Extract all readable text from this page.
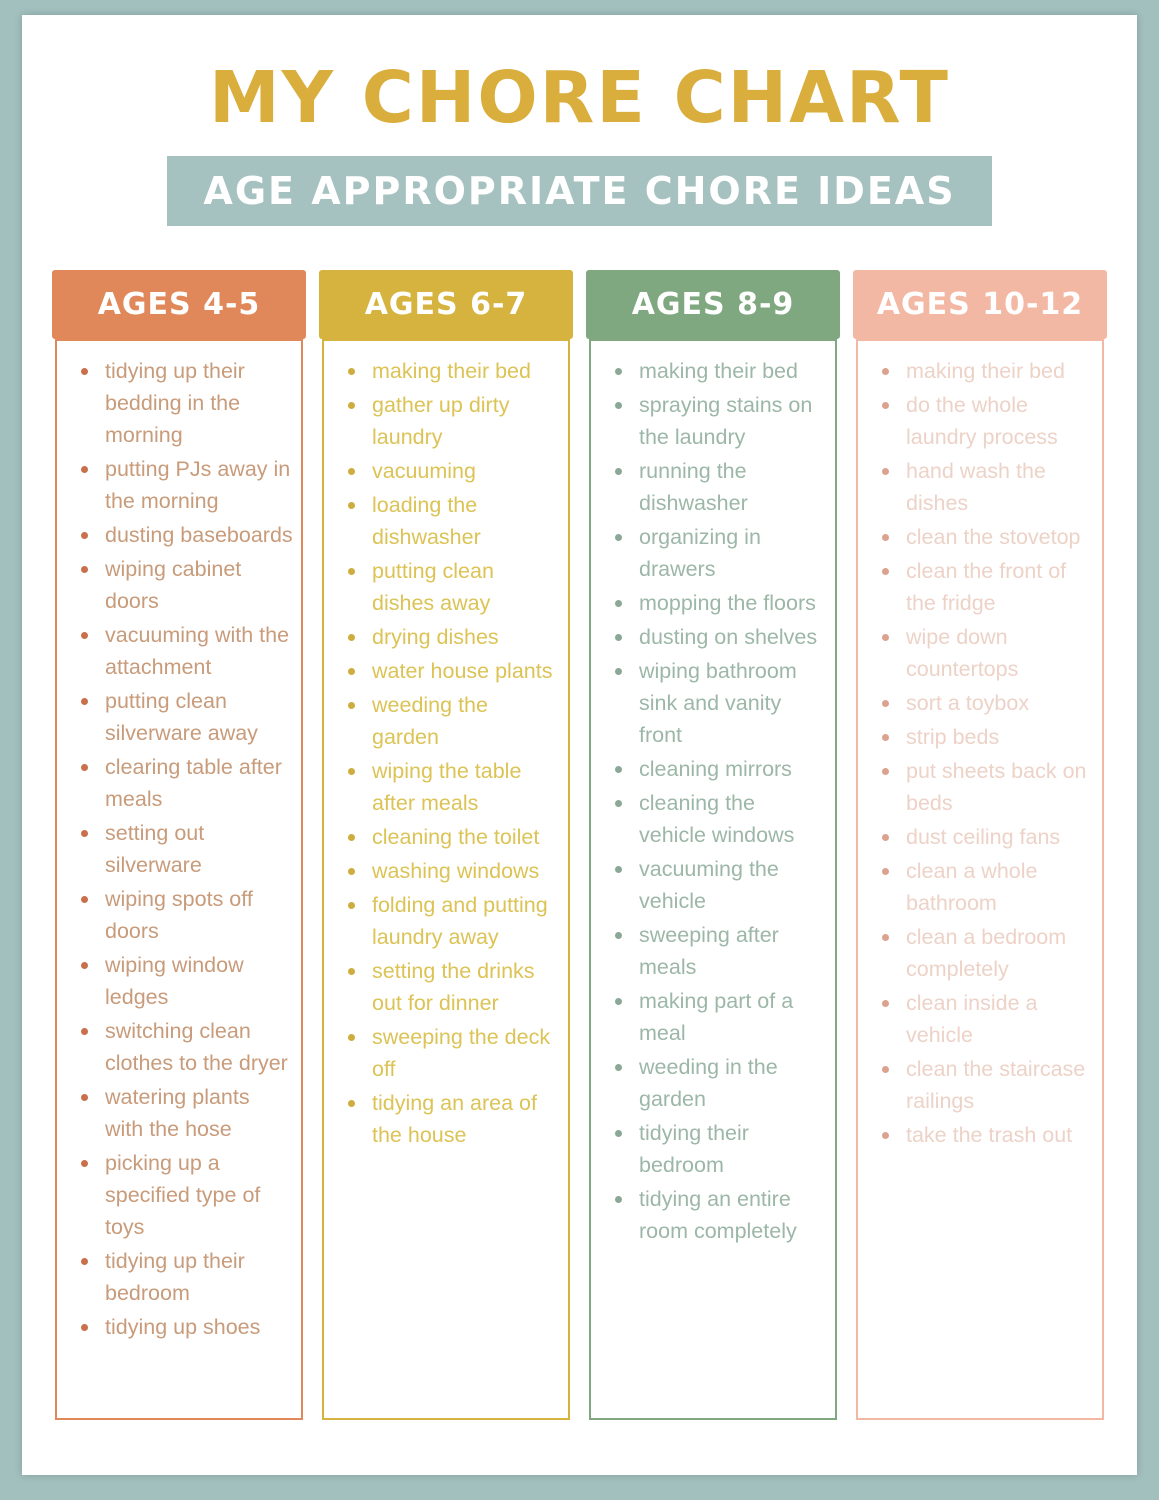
MY CHORE CHART
AGE APPROPRIATE CHORE IDEAS
AGES 4-5
tidying up their bedding in the morning
putting PJs away in the morning
dusting baseboards
wiping cabinet doors
vacuuming with the attachment
putting clean silverware away
clearing table after meals
setting out silverware
wiping spots off doors
wiping window ledges
switching clean clothes to the dryer
watering plants with the hose
picking up a specified type of toys
tidying up their bedroom
tidying up shoes
AGES 6-7
making their bed
gather up dirty laundry
vacuuming
loading the dishwasher
putting clean dishes away
drying dishes
water house plants
weeding the garden
wiping the table after meals
cleaning the toilet
washing windows
folding and putting laundry away
setting the drinks out for dinner
sweeping the deck off
tidying an area of the house
AGES 8-9
making their bed
spraying stains on the laundry
running the dishwasher
organizing in drawers
mopping the floors
dusting on shelves
wiping bathroom sink and vanity front
cleaning mirrors
cleaning the vehicle windows
vacuuming the vehicle
sweeping after meals
making part of a meal
weeding in the garden
tidying their bedroom
tidying an entire room completely
AGES 10-12
making their bed
do the whole laundry process
hand wash the dishes
clean the stovetop
clean the front of the fridge
wipe down countertops
sort a toybox
strip beds
put sheets back on beds
dust ceiling fans
clean a whole bathroom
clean a bedroom completely
clean inside a vehicle
clean the staircase railings
take the trash out
